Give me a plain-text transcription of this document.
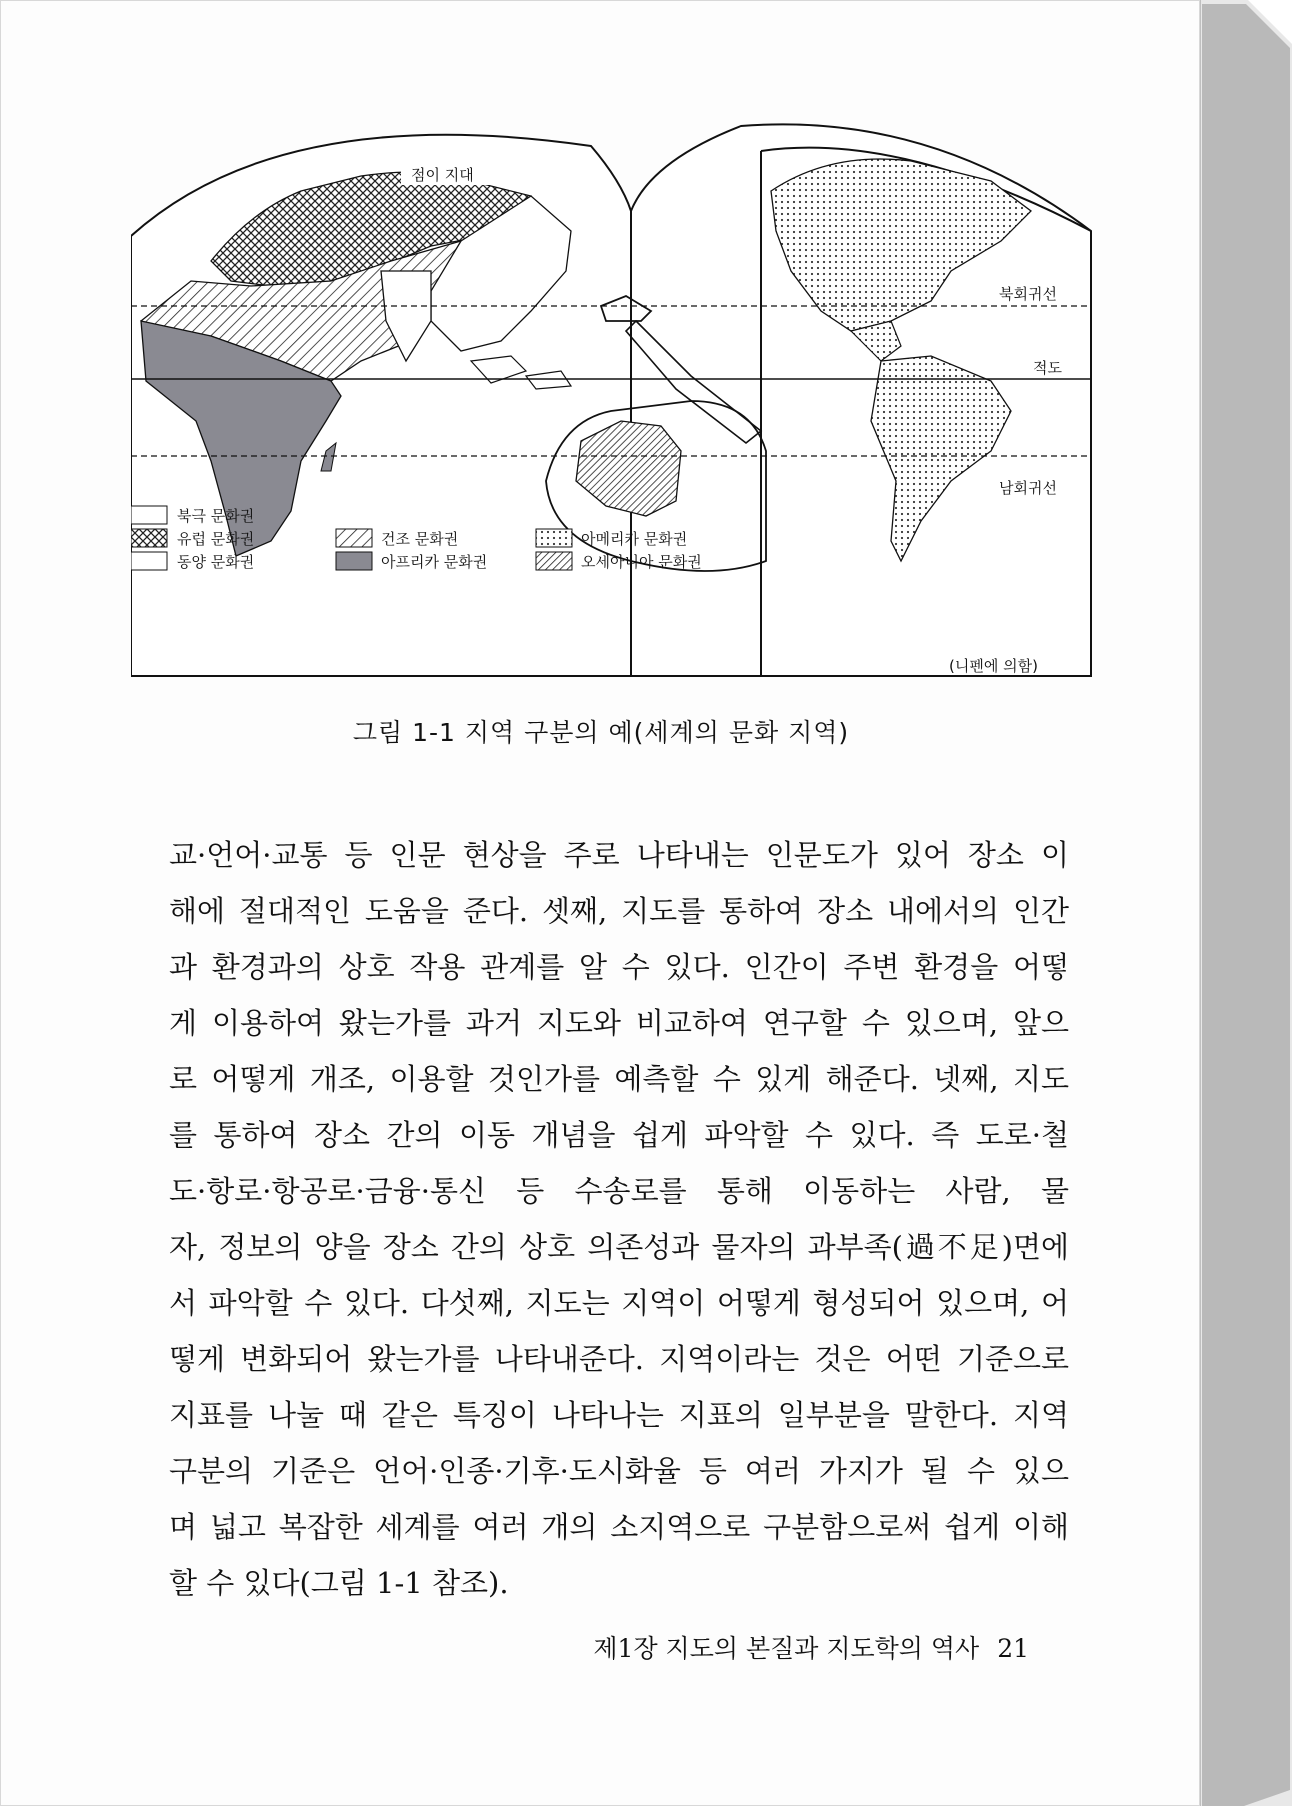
점이 지대
북회귀선
적도
남회귀선
북극 문화권
유럽 문화권
동양 문화권
건조 문화권
아프리카 문화권
아메리카 문화권
오세아니아 문화권
(니펜에 의함)
그림 1-1 지역 구분의 예(세계의 문화 지역)
교·언어·교통 등 인문 현상을 주로 나타내는 인문도가 있어 장소 이
해에 절대적인 도움을 준다. 셋째, 지도를 통하여 장소 내에서의 인간
과 환경과의 상호 작용 관계를 알 수 있다. 인간이 주변 환경을 어떻
게 이용하여 왔는가를 과거 지도와 비교하여 연구할 수 있으며, 앞으
로 어떻게 개조, 이용할 것인가를 예측할 수 있게 해준다. 넷째, 지도
를 통하여 장소 간의 이동 개념을 쉽게 파악할 수 있다. 즉 도로·철
도·항로·항공로·금융·통신 등 수송로를 통해 이동하는 사람, 물
자, 정보의 양을 장소 간의 상호 의존성과 물자의 과부족(過不足)면에
서 파악할 수 있다. 다섯째, 지도는 지역이 어떻게 형성되어 있으며, 어
떻게 변화되어 왔는가를 나타내준다. 지역이라는 것은 어떤 기준으로
지표를 나눌 때 같은 특징이 나타나는 지표의 일부분을 말한다. 지역
구분의 기준은 언어·인종·기후·도시화율 등 여러 가지가 될 수 있으
며 넓고 복잡한 세계를 여러 개의 소지역으로 구분함으로써 쉽게 이해
할 수 있다(그림 1-1 참조).
제1장 지도의 본질과 지도학의 역사 21
